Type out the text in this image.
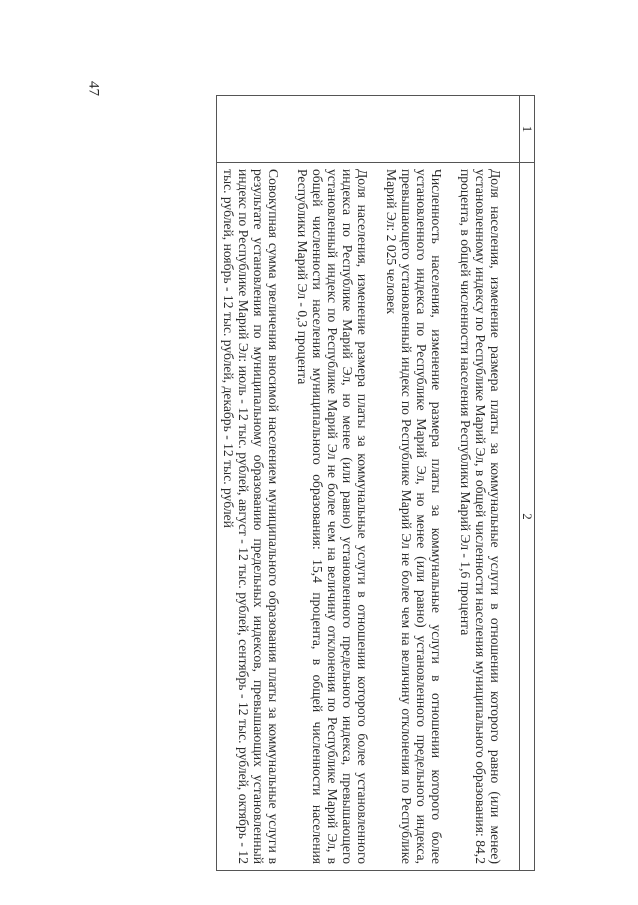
47
1	2

	Доля населения, изменение размера платы за коммунальные услуги в отношении которого равно (или менее) установленному индексу по Республике Марий Эл, в общей численности населения муниципального образования: 84,2 процента, в общей численности населения Республики Марий Эл - 1,6 процента

Численность населения, изменение размера платы за коммунальные услуги в отношении которого более установленного индекса по Республике Марий Эл, но менее (или равно) установленного предельного индекса, превышающего установленный индекс по Республике Марий Эл не более чем на величину отклонения по Республике Марий Эл: 2 025 человек

Доля населения, изменение размера платы за коммунальные услуги в отношении которого более установленного индекса по Республике Марий Эл, но менее (или равно) установленного предельного индекса, превышающего установленный индекс по Республике Марий Эл не более чем на величину отклонения по Республике Марий Эл, в общей численности населения муниципального образования: 15,4 процента, в общей численности населения Республики Марий Эл - 0,3 процента

Совокупная сумма увеличения вносимой населением муниципального образования платы за коммунальные услуги в результате установления по муниципальному образованию предельных индексов, превышающих установленный индекс по Республике Марий Эл: июль - 12 тыс. рублей, август - 12 тыс. рублей, сентябрь - 12 тыс. рублей, октябрь - 12 тыс. рублей, ноябрь - 12 тыс. рублей, декабрь - 12 тыс. рублей
